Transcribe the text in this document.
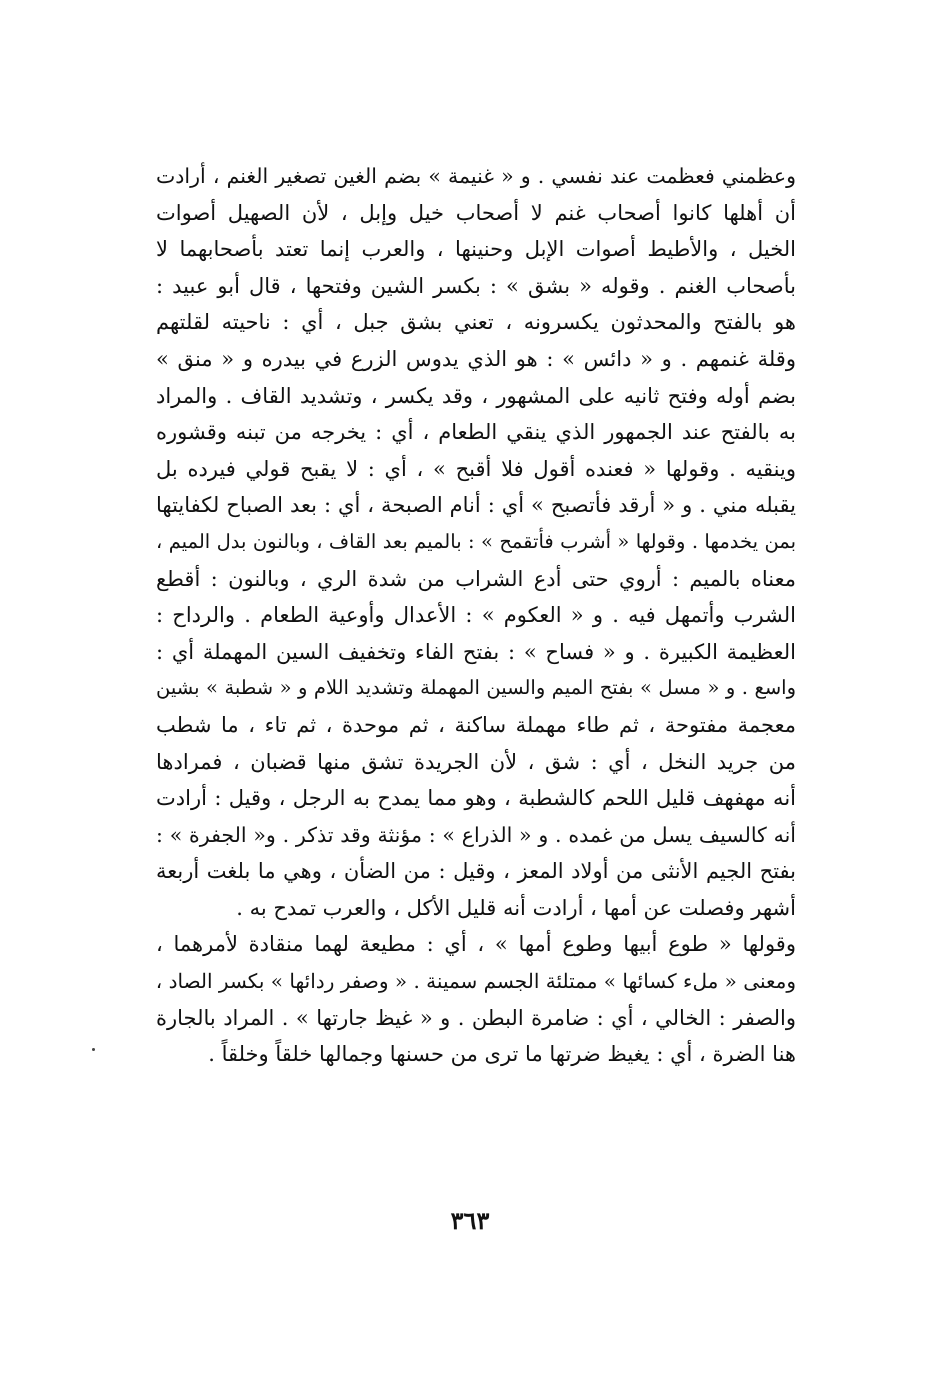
وعظمني فعظمت عند نفسي . و « غنيمة » بضم الغين تصغير الغنم ، أرادت
أن أهلها كانوا أصحاب غنم لا أصحاب خيل وإبل ، لأن الصهيل أصوات
الخيل ، والأطيط أصوات الإبل وحنينها ، والعرب إنما تعتد بأصحابهما لا
بأصحاب الغنم . وقوله « بشق » : بكسر الشين وفتحها ، قال أبو عبيد :
هو بالفتح والمحدثون يكسرونه ، تعني بشق جبل ، أي : ناحيته لقلتهم
وقلة غنمهم . و « دائس » : هو الذي يدوس الزرع في بيدره و « منق »
بضم أوله وفتح ثانيه على المشهور ، وقد يكسر ، وتشديد القاف . والمراد
به بالفتح عند الجمهور الذي ينقي الطعام ، أي : يخرجه من تبنه وقشوره
وينقيه . وقولها « فعنده أقول فلا أقبح » ، أي : لا يقبح قولي فيرده بل
يقبله مني . و « أرقد فأتصبح » أي : أنام الصبحة ، أي : بعد الصباح لكفايتها
بمن يخدمها . وقولها « أشرب فأتقمح » : بالميم بعد القاف ، وبالنون بدل الميم ،
معناه بالميم : أروي حتى أدع الشراب من شدة الري ، وبالنون : أقطع
الشرب وأتمهل فيه . و « العكوم » : الأعدال وأوعية الطعام . والرداح :
العظيمة الكبيرة . و « فساح » : بفتح الفاء وتخفيف السين المهملة أي :
واسع . و « مسل » بفتح الميم والسين المهملة وتشديد اللام و « شطبة » بشين
معجمة مفتوحة ، ثم طاء مهملة ساكنة ، ثم موحدة ، ثم تاء ، ما شطب
من جريد النخل ، أي : شق ، لأن الجريدة تشق منها قضبان ، فمرادها
أنه مهفهف قليل اللحم كالشطبة ، وهو مما يمدح به الرجل ، وقيل : أرادت
أنه كالسيف يسل من غمده . و « الذراع » : مؤنثة وقد تذكر . و« الجفرة » :
بفتح الجيم الأنثى من أولاد المعز ، وقيل : من الضأن ، وهي ما بلغت أربعة
أشهر وفصلت عن أمها ، أرادت أنه قليل الأكل ، والعرب تمدح به .
وقولها « طوع أبيها وطوع أمها » ، أي : مطيعة لهما منقادة لأمرهما ،
ومعنى « ملء كسائها » ممتلئة الجسم سمينة . « وصفر ردائها » بكسر الصاد ،
والصفر : الخالي ، أي : ضامرة البطن . و « غيظ جارتها » . المراد بالجارة
هنا الضرة ، أي : يغيظ ضرتها ما ترى من حسنها وجمالها خلقاً وخلقاً .
٣٦٣
